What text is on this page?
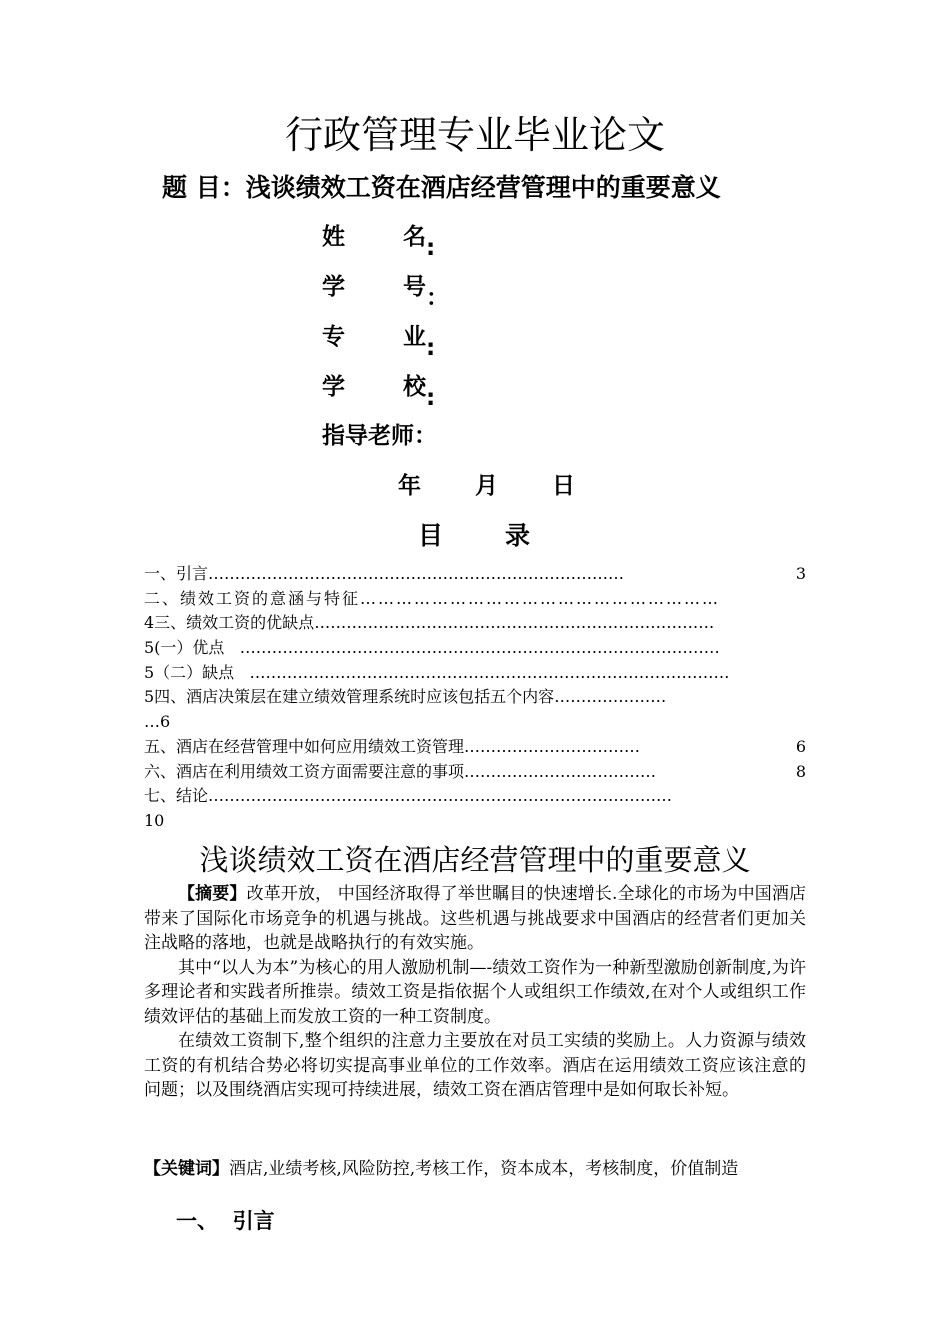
行政管理专业毕业论文
题 目：浅谈绩效工资在酒店经营管理中的重要意义
姓	名 :
学	号 ：
专	业 :
学	校 :
指导老师：
年 月 日
目 录
一、引言……………………………………………………………………	3
二、绩效工资的意涵与特征……………………………………………………
4三、绩效工资的优缺点…………………………………………………………………
5(一）优点   ………………………………………………………………………………
5（二）缺点   ………………………………………………………………………………
5四、酒店决策层在建立绩效管理系统时应该包括五个内容…………………
…6
五、酒店在经营管理中如何应用绩效工资管理……………………………	6
六、酒店在利用绩效工资方面需要注意的事项………………………………	8
七、结论……………………………………………………………………………
10
浅谈绩效工资在酒店经营管理中的重要意义

【摘要】改革开放， 中国经济取得了举世瞩目的快速增长.全球化的市场为中国酒店带来了国际化市场竞争的机遇与挑战。这些机遇与挑战要求中国酒店的经营者们更加关注战略的落地，也就是战略执行的有效实施。

其中“以人为本”为核心的用人激励机制—-绩效工资作为一种新型激励创新制度,为许多理论者和实践者所推崇。绩效工资是指依据个人或组织工作绩效,在对个人或组织工作绩效评估的基础上而发放工资的一种工资制度。

在绩效工资制下,整个组织的注意力主要放在对员工实绩的奖励上。人力资源与绩效工资的有机结合势必将切实提高事业单位的工作效率。酒店在运用绩效工资应该注意的问题；以及围绕酒店实现可持续进展，绩效工资在酒店管理中是如何取长补短。

【关键词】酒店,业绩考核,风险防控,考核工作，资本成本，考核制度，价值制造
一、  引言
